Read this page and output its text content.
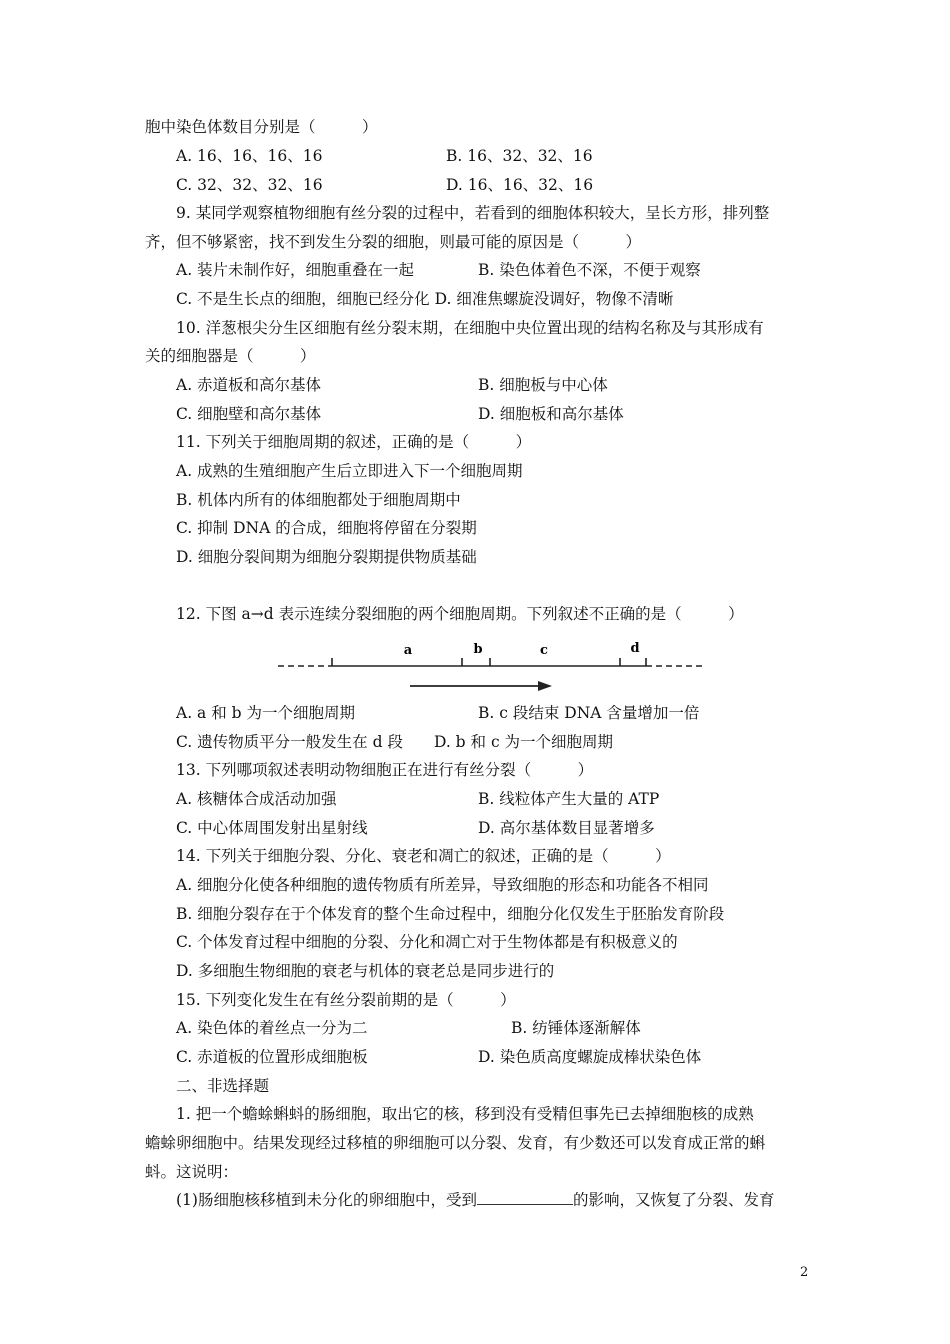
胞中染色体数目分别是（　　　）
A. 16、16、16、16	B. 16、32、32、16
C. 32、32、32、16	D. 16、16、32、16
9. 某同学观察植物细胞有丝分裂的过程中，若看到的细胞体积较大，呈长方形，排列整
齐，但不够紧密，找不到发生分裂的细胞，则最可能的原因是（　　　）
A. 装片未制作好，细胞重叠在一起	B. 染色体着色不深，不便于观察
C. 不是生长点的细胞，细胞已经分化 D. 细准焦螺旋没调好，物像不清晰
10. 洋葱根尖分生区细胞有丝分裂末期，在细胞中央位置出现的结构名称及与其形成有
关的细胞器是（　　　）
A. 赤道板和高尔基体	B. 细胞板与中心体
C. 细胞壁和高尔基体	D. 细胞板和高尔基体
11. 下列关于细胞周期的叙述，正确的是（　　　）
A. 成熟的生殖细胞产生后立即进入下一个细胞周期
B. 机体内所有的体细胞都处于细胞周期中
C. 抑制 DNA 的合成，细胞将停留在分裂期
D. 细胞分裂间期为细胞分裂期提供物质基础
12. 下图 a→d 表示连续分裂细胞的两个细胞周期。下列叙述不正确的是（　　　）
a	b	c	d
A. a 和 b 为一个细胞周期	B. c 段结束 DNA 含量增加一倍
C. 遗传物质平分一般发生在 d 段　　D. b 和 c 为一个细胞周期
13. 下列哪项叙述表明动物细胞正在进行有丝分裂（　　　）
A. 核糖体合成活动加强	B. 线粒体产生大量的 ATP
C. 中心体周围发射出星射线	D. 高尔基体数目显著增多
14. 下列关于细胞分裂、分化、衰老和凋亡的叙述，正确的是（　　　）
A. 细胞分化使各种细胞的遗传物质有所差异，导致细胞的形态和功能各不相同
B. 细胞分裂存在于个体发育的整个生命过程中，细胞分化仅发生于胚胎发育阶段
C. 个体发育过程中细胞的分裂、分化和凋亡对于生物体都是有积极意义的
D. 多细胞生物细胞的衰老与机体的衰老总是同步进行的
15. 下列变化发生在有丝分裂前期的是（　　　）
A. 染色体的着丝点一分为二	B. 纺锤体逐渐解体
C. 赤道板的位置形成细胞板	D. 染色质高度螺旋成棒状染色体
二、非选择题
1. 把一个蟾蜍蝌蚪的肠细胞，取出它的核，移到没有受精但事先已去掉细胞核的成熟
蟾蜍卵细胞中。结果发现经过移植的卵细胞可以分裂、发育，有少数还可以发育成正常的蝌
蚪。这说明：
(1)肠细胞核移植到未分化的卵细胞中，受到	的影响，又恢复了分裂、发育
2
